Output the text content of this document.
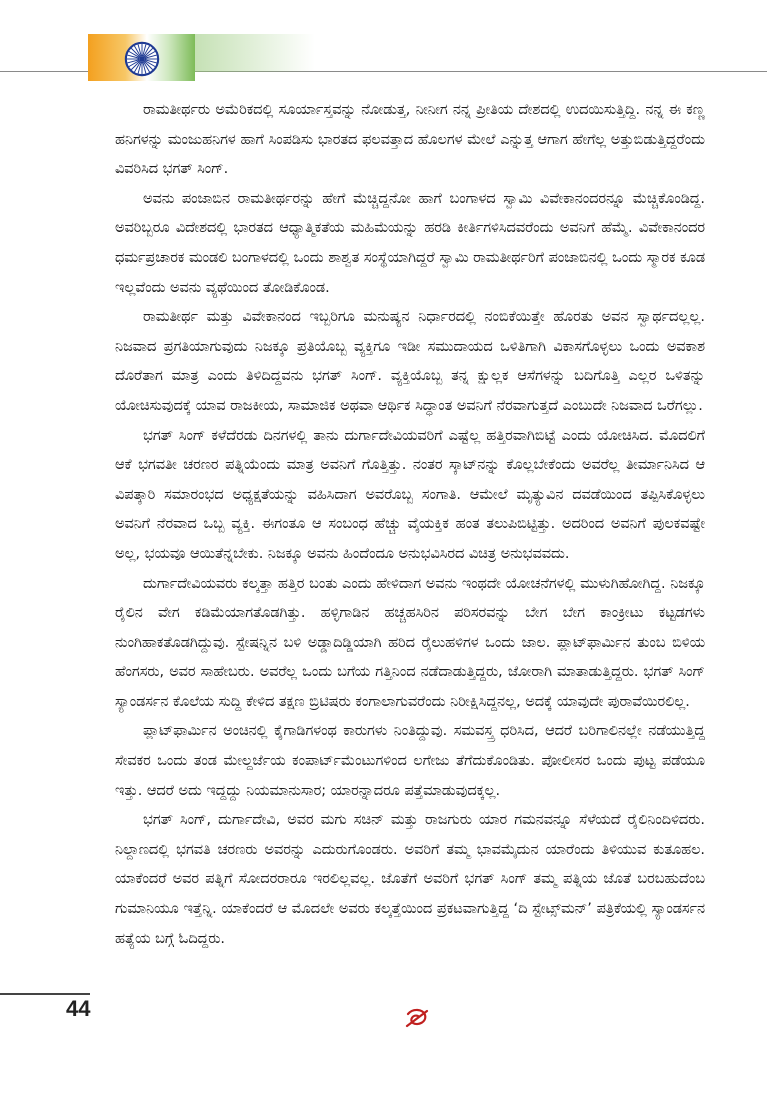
ರಾಮತೀರ್ಥರು ಅಮೆರಿಕದಲ್ಲಿ ಸೂರ್ಯಾಸ್ತವನ್ನು ನೋಡುತ್ತ, ನೀನೀಗ ನನ್ನ ಪ್ರೀತಿಯ ದೇಶದಲ್ಲಿ ಉದಯಿಸುತ್ತಿದ್ದಿ. ನನ್ನ ಈ ಕಣ್ಣ ಹನಿಗಳನ್ನು ಮಂಜುಹನಿಗಳ ಹಾಗೆ ಸಿಂಪಡಿಸು ಭಾರತದ ಫಲವತ್ತಾದ ಹೊಲಗಳ ಮೇಲೆ ಎನ್ನುತ್ತ ಆಗಾಗ ಹೇಗೆಲ್ಲ ಅತ್ತುಬಿಡುತ್ತಿದ್ದರೆಂದು ವಿವರಿಸಿದ ಭಗತ್ ಸಿಂಗ್.

ಅವನು ಪಂಜಾಬಿನ ರಾಮತೀರ್ಥರನ್ನು ಹೇಗೆ ಮೆಚ್ಚಿದ್ದನೋ ಹಾಗೆ ಬಂಗಾಳದ ಸ್ವಾಮಿ ವಿವೇಕಾನಂದರನ್ನೂ ಮೆಚ್ಚಿಕೊಂಡಿದ್ದ. ಅವರಿಬ್ಬರೂ ವಿದೇಶದಲ್ಲಿ ಭಾರತದ ಆಧ್ಯಾತ್ಮಿಕತೆಯ ಮಹಿಮೆಯನ್ನು ಹರಡಿ ಕೀರ್ತಿಗಳಿಸಿದವರೆಂದು ಅವನಿಗೆ ಹೆಮ್ಮೆ. ವಿವೇಕಾನಂದರ ಧರ್ಮಪ್ರಚಾರಕ ಮಂಡಲಿ ಬಂಗಾಳದಲ್ಲಿ ಒಂದು ಶಾಶ್ವತ ಸಂಸ್ಥೆಯಾಗಿದ್ದರೆ ಸ್ವಾಮಿ ರಾಮತೀರ್ಥರಿಗೆ ಪಂಜಾಬಿನಲ್ಲಿ ಒಂದು ಸ್ಮಾರಕ ಕೂಡ ಇಲ್ಲವೆಂದು ಅವನು ವ್ಯಥೆಯಿಂದ ತೋಡಿಕೊಂಡ.

ರಾಮತೀರ್ಥ ಮತ್ತು ವಿವೇಕಾನಂದ ಇಬ್ಬರಿಗೂ ಮನುಷ್ಯನ ನಿರ್ಧಾರದಲ್ಲಿ ನಂಬಿಕೆಯಿತ್ತೇ ಹೊರತು ಅವನ ಸ್ವಾರ್ಥದಲ್ಲಲ್ಲ. ನಿಜವಾದ ಪ್ರಗತಿಯಾಗುವುದು ನಿಜಕ್ಕೂ ಪ್ರತಿಯೊಬ್ಬ ವ್ಯಕ್ತಿಗೂ ಇಡೀ ಸಮುದಾಯದ ಒಳಿತಿಗಾಗಿ ವಿಕಾಸಗೊಳ್ಳಲು ಒಂದು ಅವಕಾಶ ದೊರೆತಾಗ ಮಾತ್ರ ಎಂದು ತಿಳಿದಿದ್ದವನು ಭಗತ್ ಸಿಂಗ್. ವ್ಯಕ್ತಿಯೊಬ್ಬ ತನ್ನ ಕ್ಷುಲ್ಲಕ ಆಸೆಗಳನ್ನು ಬದಿಗೊತ್ತಿ ಎಲ್ಲರ ಒಳಿತನ್ನು ಯೋಚಿಸುವುದಕ್ಕೆ ಯಾವ ರಾಜಕೀಯ, ಸಾಮಾಜಿಕ ಅಥವಾ ಆರ್ಥಿಕ ಸಿದ್ಧಾಂತ ಅವನಿಗೆ ನೆರವಾಗುತ್ತದೆ ಎಂಬುದೇ ನಿಜವಾದ ಒರೆಗಲ್ಲು.

ಭಗತ್ ಸಿಂಗ್ ಕಳೆದೆರಡು ದಿನಗಳಲ್ಲಿ ತಾನು ದುರ್ಗಾದೇವಿಯವರಿಗೆ ಎಷ್ಟೆಲ್ಲ ಹತ್ತಿರವಾಗಿಬಿಟ್ಟೆ ಎಂದು ಯೋಚಿಸಿದ. ಮೊದಲಿಗೆ ಆಕೆ ಭಗವತೀ ಚರಣರ ಪತ್ನಿಯೆಂದು ಮಾತ್ರ ಅವನಿಗೆ ಗೊತ್ತಿತ್ತು. ನಂತರ ಸ್ಕಾಟ್‌ನನ್ನು ಕೊಲ್ಲಬೇಕೆಂದು ಅವರೆಲ್ಲ ತೀರ್ಮಾನಿಸಿದ ಆ ವಿಪತ್ಕಾರಿ ಸಮಾರಂಭದ ಅಧ್ಯಕ್ಷತೆಯನ್ನು ವಹಿಸಿದಾಗ ಅವರೊಬ್ಬ ಸಂಗಾತಿ. ಆಮೇಲೆ ಮೃತ್ಯುವಿನ ದವಡೆಯಿಂದ ತಪ್ಪಿಸಿಕೊಳ್ಳಲು ಅವನಿಗೆ ನೆರವಾದ ಒಬ್ಬ ವ್ಯಕ್ತಿ. ಈಗಂತೂ ಆ ಸಂಬಂಧ ಹೆಚ್ಚು ವೈಯಕ್ತಿಕ ಹಂತ ತಲುಪಿಬಿಟ್ಟಿತ್ತು. ಅದರಿಂದ ಅವನಿಗೆ ಪುಲಕವಷ್ಟೇ ಅಲ್ಲ, ಭಯವೂ ಆಯಿತೆನ್ನಬೇಕು. ನಿಜಕ್ಕೂ ಅವನು ಹಿಂದೆಂದೂ ಅನುಭವಿಸಿರದ ವಿಚಿತ್ರ ಅನುಭವವದು.

ದುರ್ಗಾದೇವಿಯವರು ಕಲ್ಕತ್ತಾ ಹತ್ತಿರ ಬಂತು ಎಂದು ಹೇಳಿದಾಗ ಅವನು ಇಂಥದೇ ಯೋಚನೆಗಳಲ್ಲಿ ಮುಳುಗಿಹೋಗಿದ್ದ. ನಿಜಕ್ಕೂ ರೈಲಿನ ವೇಗ ಕಡಿಮೆಯಾಗತೊಡಗಿತ್ತು. ಹಳ್ಳಿಗಾಡಿನ ಹಚ್ಚಹಸಿರಿನ ಪರಿಸರವನ್ನು ಬೇಗ ಬೇಗ ಕಾಂಕ್ರೀಟು ಕಟ್ಟಡಗಳು ನುಂಗಿಹಾಕತೊಡಗಿದ್ದುವು. ಸ್ಟೇಷನ್ನಿನ ಬಳಿ ಅಡ್ಡಾದಿಡ್ಡಿಯಾಗಿ ಹರಿದ ರೈಲುಹಳಿಗಳ ಒಂದು ಜಾಲ. ಪ್ಲಾಟ್‌ಫಾರ್ಮಿನ ತುಂಬ ಬಿಳಿಯ ಹೆಂಗಸರು, ಅವರ ಸಾಹೇಬರು. ಅವರೆಲ್ಲ ಒಂದು ಬಗೆಯ ಗತ್ತಿನಿಂದ ನಡೆದಾಡುತ್ತಿದ್ದರು, ಜೋರಾಗಿ ಮಾತಾಡುತ್ತಿದ್ದರು. ಭಗತ್ ಸಿಂಗ್ ಸ್ಯಾಂಡರ್ಸನ ಕೊಲೆಯ ಸುದ್ದಿ ಕೇಳಿದ ತಕ್ಷಣ ಬ್ರಿಟಿಷರು ಕಂಗಾಲಾಗುವರೆಂದು ನಿರೀಕ್ಷಿಸಿದ್ದನಲ್ಲ, ಅದಕ್ಕೆ ಯಾವುದೇ ಪುರಾವೆಯಿರಲಿಲ್ಲ.

ಪ್ಲಾಟ್‌ಫಾರ್ಮಿನ ಅಂಚಿನಲ್ಲಿ ಕೈಗಾಡಿಗಳಂಥ ಕಾರುಗಳು ನಿಂತಿದ್ದುವು. ಸಮವಸ್ತ್ರ ಧರಿಸಿದ, ಆದರೆ ಬರಿಗಾಲಿನಲ್ಲೇ ನಡೆಯುತ್ತಿದ್ದ ಸೇವಕರ ಒಂದು ತಂಡ ಮೇಲ್ದರ್ಜೆಯ ಕಂಪಾರ್ಟ್‌ಮೆಂಟುಗಳಿಂದ ಲಗೇಜು ತೆಗೆದುಕೊಂಡಿತು. ಪೋಲೀಸರ ಒಂದು ಪುಟ್ಟ ಪಡೆಯೂ ಇತ್ತು. ಆದರೆ ಅದು ಇದ್ದದ್ದು ನಿಯಮಾನುಸಾರ; ಯಾರನ್ನಾದರೂ ಪತ್ತೆಮಾಡುವುದಕ್ಕಲ್ಲ.

ಭಗತ್ ಸಿಂಗ್, ದುರ್ಗಾದೇವಿ, ಅವರ ಮಗು ಸಚಿನ್ ಮತ್ತು ರಾಜಗುರು ಯಾರ ಗಮನವನ್ನೂ ಸೆಳೆಯದೆ ರೈಲಿನಿಂದಿಳಿದರು. ನಿಲ್ದಾಣದಲ್ಲಿ ಭಗವತಿ ಚರಣರು ಅವರನ್ನು ಎದುರುಗೊಂಡರು. ಅವರಿಗೆ ತಮ್ಮ ಭಾವಮೈದುನ ಯಾರೆಂದು ತಿಳಿಯುವ ಕುತೂಹಲ. ಯಾಕೆಂದರೆ ಅವರ ಪತ್ನಿಗೆ ಸೋದರರಾರೂ ಇರಲಿಲ್ಲವಲ್ಲ. ಜೊತೆಗೆ ಅವರಿಗೆ ಭಗತ್ ಸಿಂಗ್ ತಮ್ಮ ಪತ್ನಿಯ ಜೊತೆ ಬರಬಹುದೆಂಬ ಗುಮಾನಿಯೂ ಇತ್ತೆನ್ನಿ. ಯಾಕೆಂದರೆ ಆ ಮೊದಲೇ ಅವರು ಕಲ್ಕತ್ತೆಯಿಂದ ಪ್ರಕಟವಾಗುತ್ತಿದ್ದ ‘ದಿ ಸ್ಟೇಟ್ಸ್‌ಮನ್’ ಪತ್ರಿಕೆಯಲ್ಲಿ ಸ್ಯಾಂಡರ್ಸನ ಹತ್ಯೆಯ ಬಗ್ಗೆ ಓದಿದ್ದರು.

44
